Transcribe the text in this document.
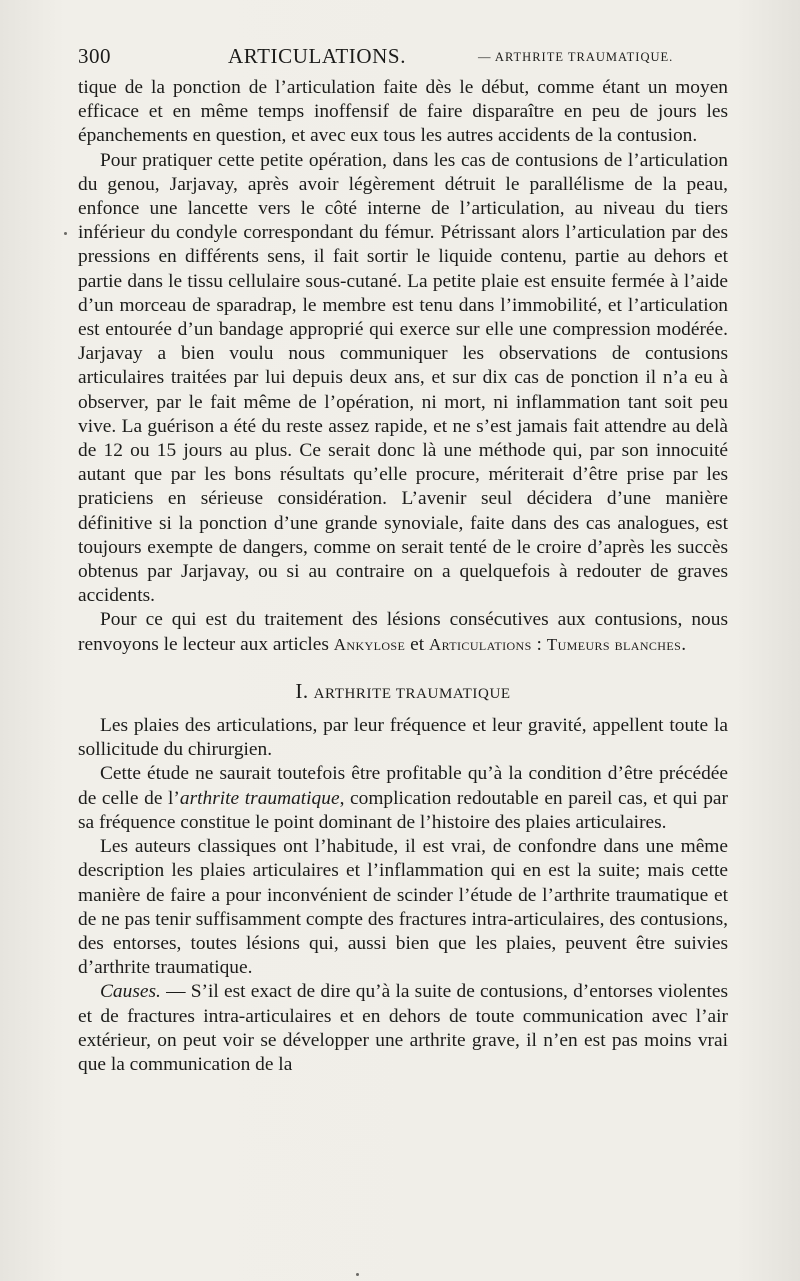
300	ARTICULATIONS.	— ARTHRITE TRAUMATIQUE.

tique de la ponction de l’articulation faite dès le début, comme étant un moyen efficace et en même temps inoffensif de faire disparaître en peu de jours les épanchements en question, et avec eux tous les autres accidents de la contusion.

Pour pratiquer cette petite opération, dans les cas de contusions de l’articulation du genou, Jarjavay, après avoir légèrement détruit le parallélisme de la peau, enfonce une lancette vers le côté interne de l’articulation, au niveau du tiers inférieur du condyle correspondant du fémur. Pétrissant alors l’articulation par des pressions en différents sens, il fait sortir le liquide contenu, partie au dehors et partie dans le tissu cellulaire sous-cutané. La petite plaie est ensuite fermée à l’aide d’un morceau de sparadrap, le membre est tenu dans l’immobilité, et l’articulation est entourée d’un bandage approprié qui exerce sur elle une compression modérée. Jarjavay a bien voulu nous communiquer les observations de contusions articulaires traitées par lui depuis deux ans, et sur dix cas de ponction il n’a eu à observer, par le fait même de l’opération, ni mort, ni inflammation tant soit peu vive. La guérison a été du reste assez rapide, et ne s’est jamais fait attendre au delà de 12 ou 15 jours au plus. Ce serait donc là une méthode qui, par son innocuité autant que par les bons résultats qu’elle procure, mériterait d’être prise par les praticiens en sérieuse considération. L’avenir seul décidera d’une manière définitive si la ponction d’une grande synoviale, faite dans des cas analogues, est toujours exempte de dangers, comme on serait tenté de le croire d’après les succès obtenus par Jarjavay, ou si au contraire on a quelquefois à redouter de graves accidents.

Pour ce qui est du traitement des lésions consécutives aux contusions, nous renvoyons le lecteur aux articles Ankylose et Articulations : Tumeurs blanches.

I. ARTHRITE TRAUMATIQUE

Les plaies des articulations, par leur fréquence et leur gravité, appellent toute la sollicitude du chirurgien.

Cette étude ne saurait toutefois être profitable qu’à la condition d’être précédée de celle de l’arthrite traumatique, complication redoutable en pareil cas, et qui par sa fréquence constitue le point dominant de l’histoire des plaies articulaires.

Les auteurs classiques ont l’habitude, il est vrai, de confondre dans une même description les plaies articulaires et l’inflammation qui en est la suite; mais cette manière de faire a pour inconvénient de scinder l’étude de l’arthrite traumatique et de ne pas tenir suffisamment compte des fractures intra-articulaires, des contusions, des entorses, toutes lésions qui, aussi bien que les plaies, peuvent être suivies d’arthrite traumatique.

Causes. — S’il est exact de dire qu’à la suite de contusions, d’entorses violentes et de fractures intra-articulaires et en dehors de toute communication avec l’air extérieur, on peut voir se développer une arthrite grave, il n’en est pas moins vrai que la communication de la
